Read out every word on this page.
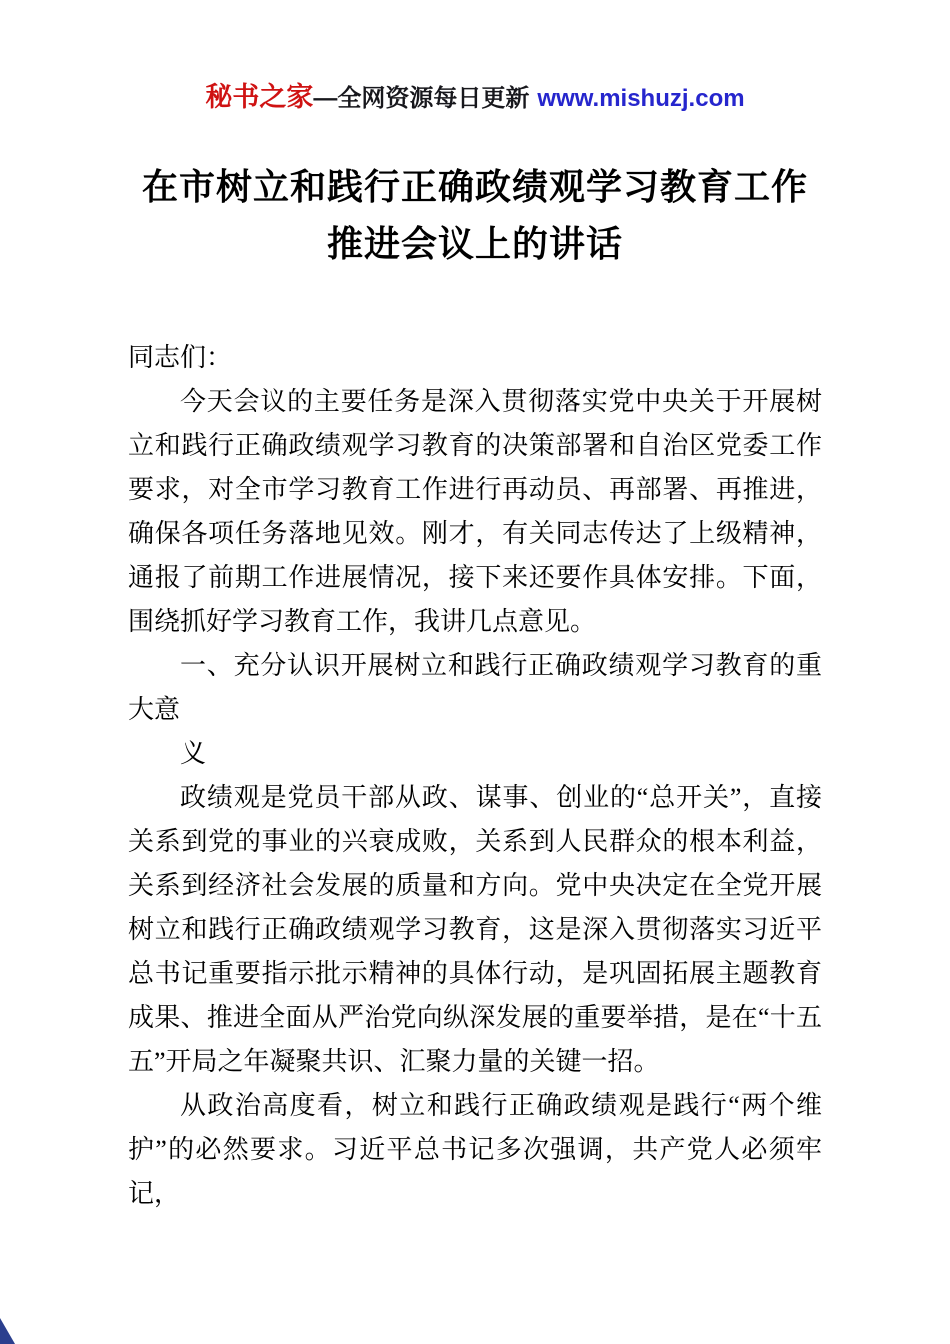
秘书之家—全网资源每日更新 www.mishuzj.com
在市树立和践行正确政绩观学习教育工作
推进会议上的讲话

同志们：

今天会议的主要任务是深入贯彻落实党中央关于开展树立和践行正确政绩观学习教育的决策部署和自治区党委工作要求，对全市学习教育工作进行再动员、再部署、再推进，确保各项任务落地见效。刚才，有关同志传达了上级精神，通报了前期工作进展情况，接下来还要作具体安排。下面，围绕抓好学习教育工作，我讲几点意见。

一、充分认识开展树立和践行正确政绩观学习教育的重大意

义

政绩观是党员干部从政、谋事、创业的“总开关”，直接关系到党的事业的兴衰成败，关系到人民群众的根本利益，关系到经济社会发展的质量和方向。党中央决定在全党开展树立和践行正确政绩观学习教育，这是深入贯彻落实习近平总书记重要指示批示精神的具体行动，是巩固拓展主题教育成果、推进全面从严治党向纵深发展的重要举措，是在“十五五”开局之年凝聚共识、汇聚力量的关键一招。

从政治高度看，树立和践行正确政绩观是践行“两个维护”的必然要求。习近平总书记多次强调，共产党人必须牢记，
